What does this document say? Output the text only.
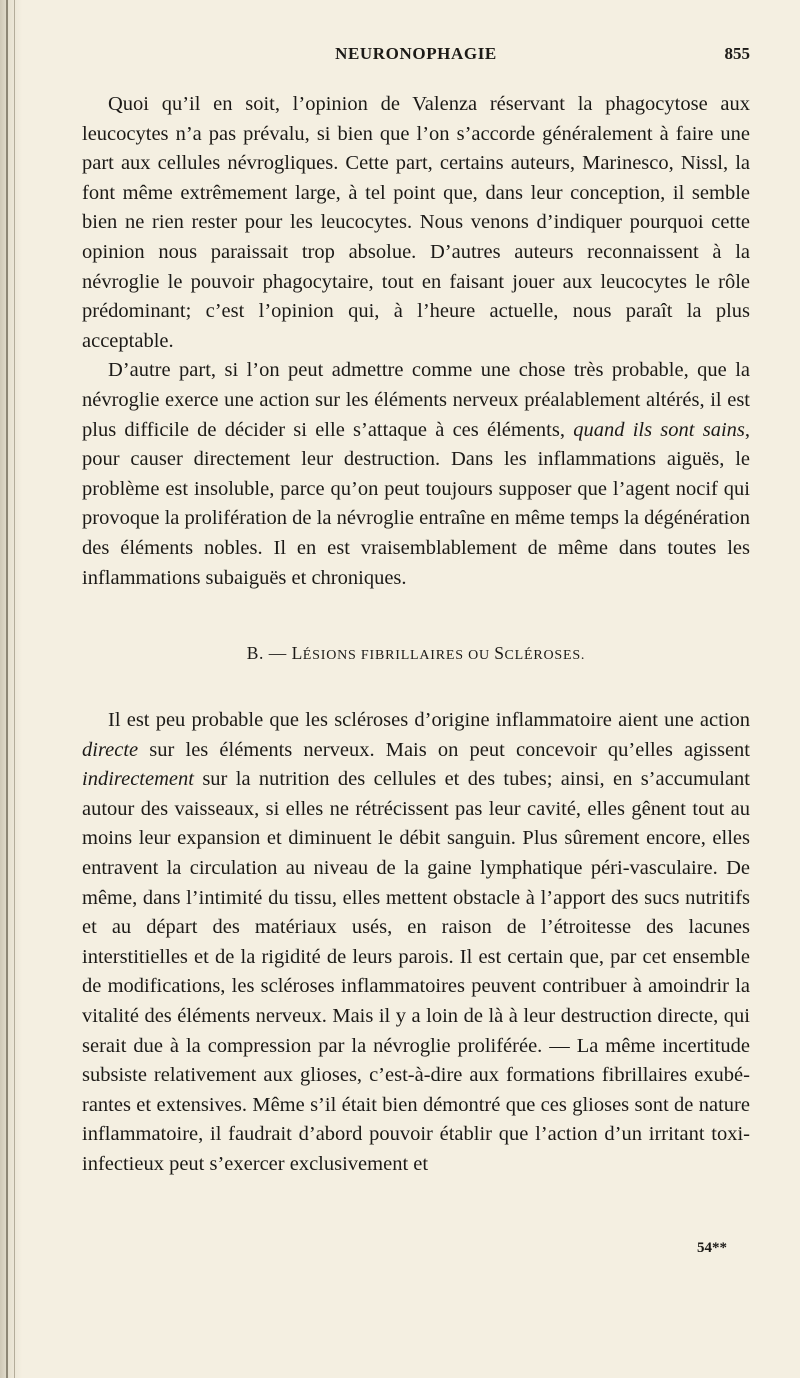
NEURONOPHAGIE	855

Quoi qu’il en soit, l’opinion de Valenza réservant la phagocytose aux leucocytes n’a pas prévalu, si bien que l’on s’accorde généralement à faire une part aux cellules névrogliques. Cette part, certains auteurs, Marinesco, Nissl, la font même extrêmement large, à tel point que, dans leur conception, il semble bien ne rien rester pour les leucocytes. Nous venons d’indiquer pourquoi cette opinion nous paraissait trop absolue. D’autres auteurs reconnaissent à la névroglie le pouvoir phagocytaire, tout en faisant jouer aux leucocytes le rôle prédominant; c’est l’opinion qui, à l’heure actuelle, nous paraît la plus acceptable.

D’autre part, si l’on peut admettre comme une chose très probable, que la névroglie exerce une action sur les éléments nerveux préalablement altérés, il est plus difficile de décider si elle s’attaque à ces éléments, quand ils sont sains, pour causer directement leur destruction. Dans les inflammations aiguës, le problème est insoluble, parce qu’on peut toujours supposer que l’agent nocif qui provoque la prolifération de la névroglie entraîne en même temps la dégénération des éléments nobles. Il en est vraisemblablement de même dans toutes les inflammations subaiguës et chroniques.

B. — LÉSIONS FIBRILLAIRES OU SCLÉROSES.

Il est peu probable que les scléroses d’origine inflammatoire aient une action directe sur les éléments nerveux. Mais on peut concevoir qu’elles agissent indirectement sur la nutrition des cellules et des tubes; ainsi, en s’accumulant autour des vaisseaux, si elles ne rétrécissent pas leur cavité, elles gênent tout au moins leur expansion et diminuent le débit sanguin. Plus sûrement encore, elles entravent la circulation au niveau de la gaine lymphatique péri-vasculaire. De même, dans l’intimité du tissu, elles mettent obstacle à l’apport des sucs nutritifs et au départ des matériaux usés, en raison de l’étroitesse des lacunes interstitielles et de la rigidité de leurs parois. Il est certain que, par cet ensemble de modifications, les scléroses inflammatoires peuvent contribuer à amoindrir la vitalité des éléments nerveux. Mais il y a loin de là à leur destruction directe, qui serait due à la compression par la névroglie proliférée. — La même incertitude subsiste relativement aux glioses, c’est-à-dire aux formations fibrillaires exubérantes et extensives. Même s’il était bien démontré que ces glioses sont de nature inflammatoire, il faudrait d’abord pouvoir établir que l’action d’un irritant toxi-infectieux peut s’exercer exclusivement et

54**
